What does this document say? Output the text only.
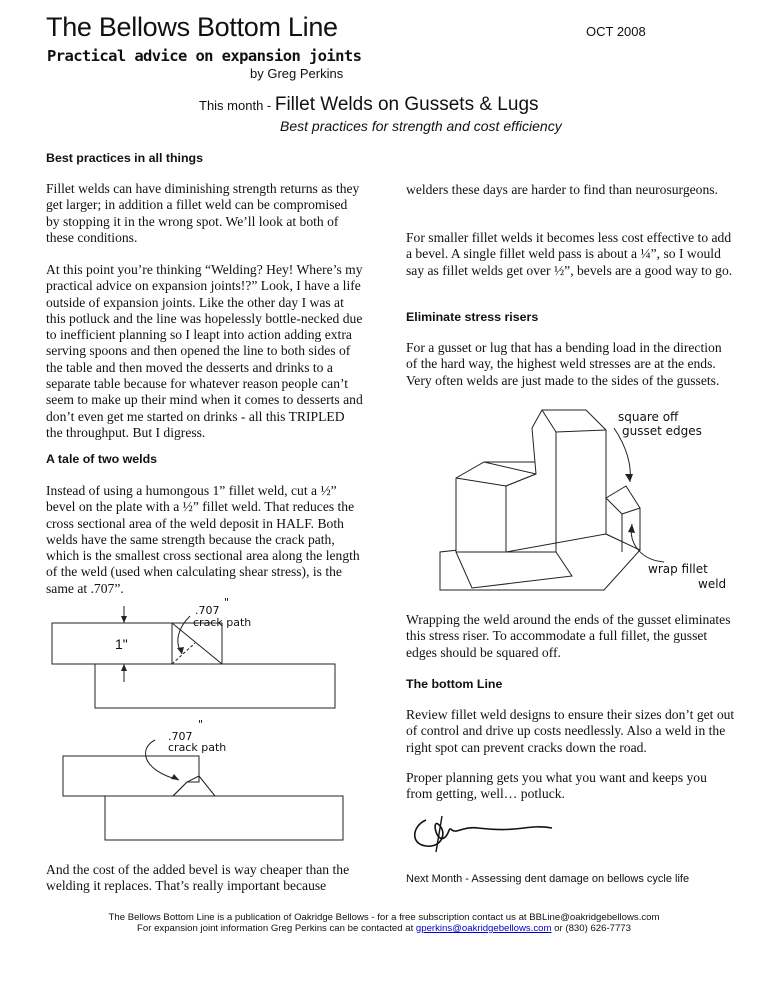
The Bellows Bottom Line
Practical advice on expansion joints
by Greg Perkins
OCT 2008
This month - Fillet Welds on Gussets & Lugs
Best practices for strength and cost efficiency
Best practices in all things
Fillet welds can have diminishing strength returns as they get larger; in addition a fillet weld can be compromised by stopping it in the wrong spot. We’ll look at both of these conditions.
At this point you’re thinking “Welding? Hey! Where’s my practical advice on expansion joints!?” Look, I have a life outside of expansion joints. Like the other day I was at this potluck and the line was hopelessly bottle-necked due to inefficient planning so I leapt into action adding extra serving spoons and then opened the line to both sides of the table and then moved the desserts and drinks to a separate table because for whatever reason people can’t seem to make up their mind when it comes to desserts and don’t even get me started on drinks - all this TRIPLED the throughput. But I digress.
A tale of two welds
Instead of using a humongous 1” fillet weld, cut a ½” bevel on the plate with a ½” fillet weld. That reduces the cross sectional area of the weld deposit in HALF. Both welds have the same strength because the crack path, which is the smallest cross sectional area along the length of the weld (used when calculating shear stress), is the same at .707”.
1"
.707
"
crack path
.707
"
crack path
And the cost of the added bevel is way cheaper than the welding it replaces. That’s really important because
welders these days are harder to find than neurosurgeons.
For smaller fillet welds it becomes less cost effective to add a bevel. A single fillet weld pass is about a ¼”, so I would say as fillet welds get over ½”, bevels are a good way to go.
Eliminate stress risers
For a gusset or lug that has a bending load in the direction of the hard way, the highest weld stresses are at the ends. Very often welds are just made to the sides of the gussets.
square off
gusset edges
wrap fillet
weld
Wrapping the weld around the ends of the gusset eliminates this stress riser. To accommodate a full fillet, the gusset edges should be squared off.
The bottom Line
Review fillet weld designs to ensure their sizes don’t get out of control and drive up costs needlessly. Also a weld in the right spot can prevent cracks down the road.
Proper planning gets you what you want and keeps you from getting, well… potluck.
Next Month - Assessing dent damage on bellows cycle life
The Bellows Bottom Line is a publication of Oakridge Bellows - for a free subscription contact us at BBLine@oakridgebellows.com
For expansion joint information Greg Perkins can be contacted at gperkins@oakridgebellows.com or (830) 626-7773
